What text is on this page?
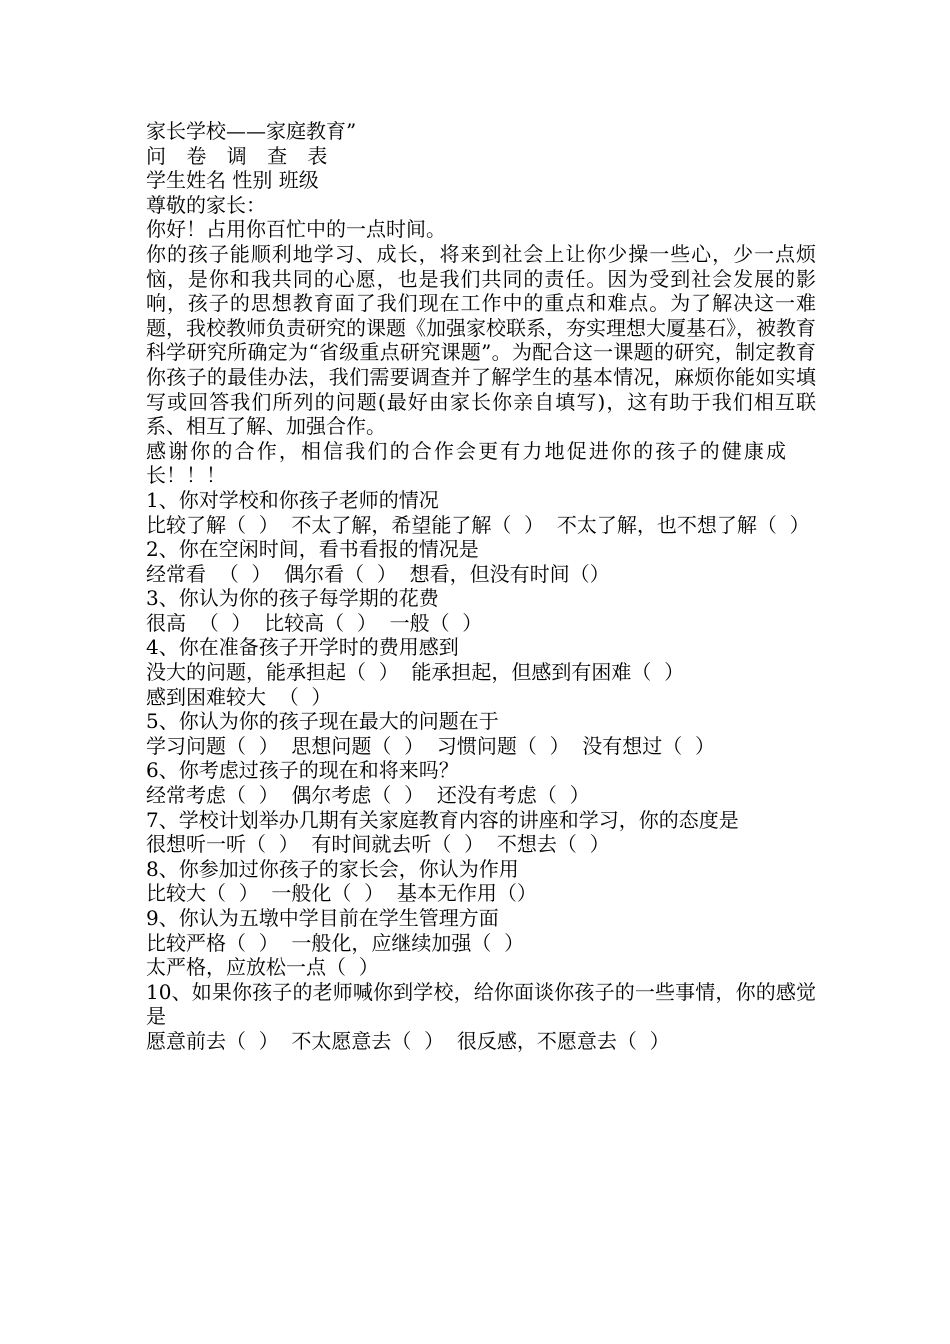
家长学校——家庭教育”
问 卷 调 查 表
学生姓名 性别 班级
尊敬的家长：
你好！占用你百忙中的一点时间。
你的孩子能顺利地学习、成长，将来到社会上让你少操一些心，少一点烦恼，是你和我共同的心愿，也是我们共同的责任。因为受到社会发展的影响，孩子的思想教育面了我们现在工作中的重点和难点。为了解决这一难题，我校教师负责研究的课题《加强家校联系，夯实理想大厦基石》，被教育科学研究所确定为“省级重点研究课题”。为配合这一课题的研究，制定教育你孩子的最佳办法，我们需要调查并了解学生的基本情况，麻烦你能如实填写或回答我们所列的问题(最好由家长你亲自填写)，这有助于我们相互联系、相互了解、加强合作。
感谢你的合作，相信我们的合作会更有力地促进你的孩子的健康成长！！！
1、你对学校和你孩子老师的情况
比较了解（  ）  不太了解，希望能了解（  ）  不太了解，也不想了解（  ）
2、你在空闲时间，看书看报的情况是
经常看  （  ）  偶尔看（  ）  想看，但没有时间（）
3、你认为你的孩子每学期的花费
很高  （  ）  比较高（  ）  一般（  ）
4、你在准备孩子开学时的费用感到
没大的问题，能承担起（  ）  能承担起，但感到有困难（  ）
感到困难较大  （  ）
5、你认为你的孩子现在最大的问题在于
学习问题（  ）  思想问题（  ）  习惯问题（  ）  没有想过（  ）
6、你考虑过孩子的现在和将来吗？
经常考虑（  ）  偶尔考虑（  ）  还没有考虑（  ）
7、学校计划举办几期有关家庭教育内容的讲座和学习，你的态度是
很想听一听（  ）  有时间就去听（  ）  不想去（  ）
8、你参加过你孩子的家长会，你认为作用
比较大（  ）  一般化（  ）  基本无作用（）
9、你认为五墩中学目前在学生管理方面
比较严格（  ）  一般化，应继续加强（  ）
太严格，应放松一点（  ）
10、如果你孩子的老师喊你到学校，给你面谈你孩子的一些事情，你的感觉是
愿意前去（  ）  不太愿意去（  ）  很反感，不愿意去（  ）
